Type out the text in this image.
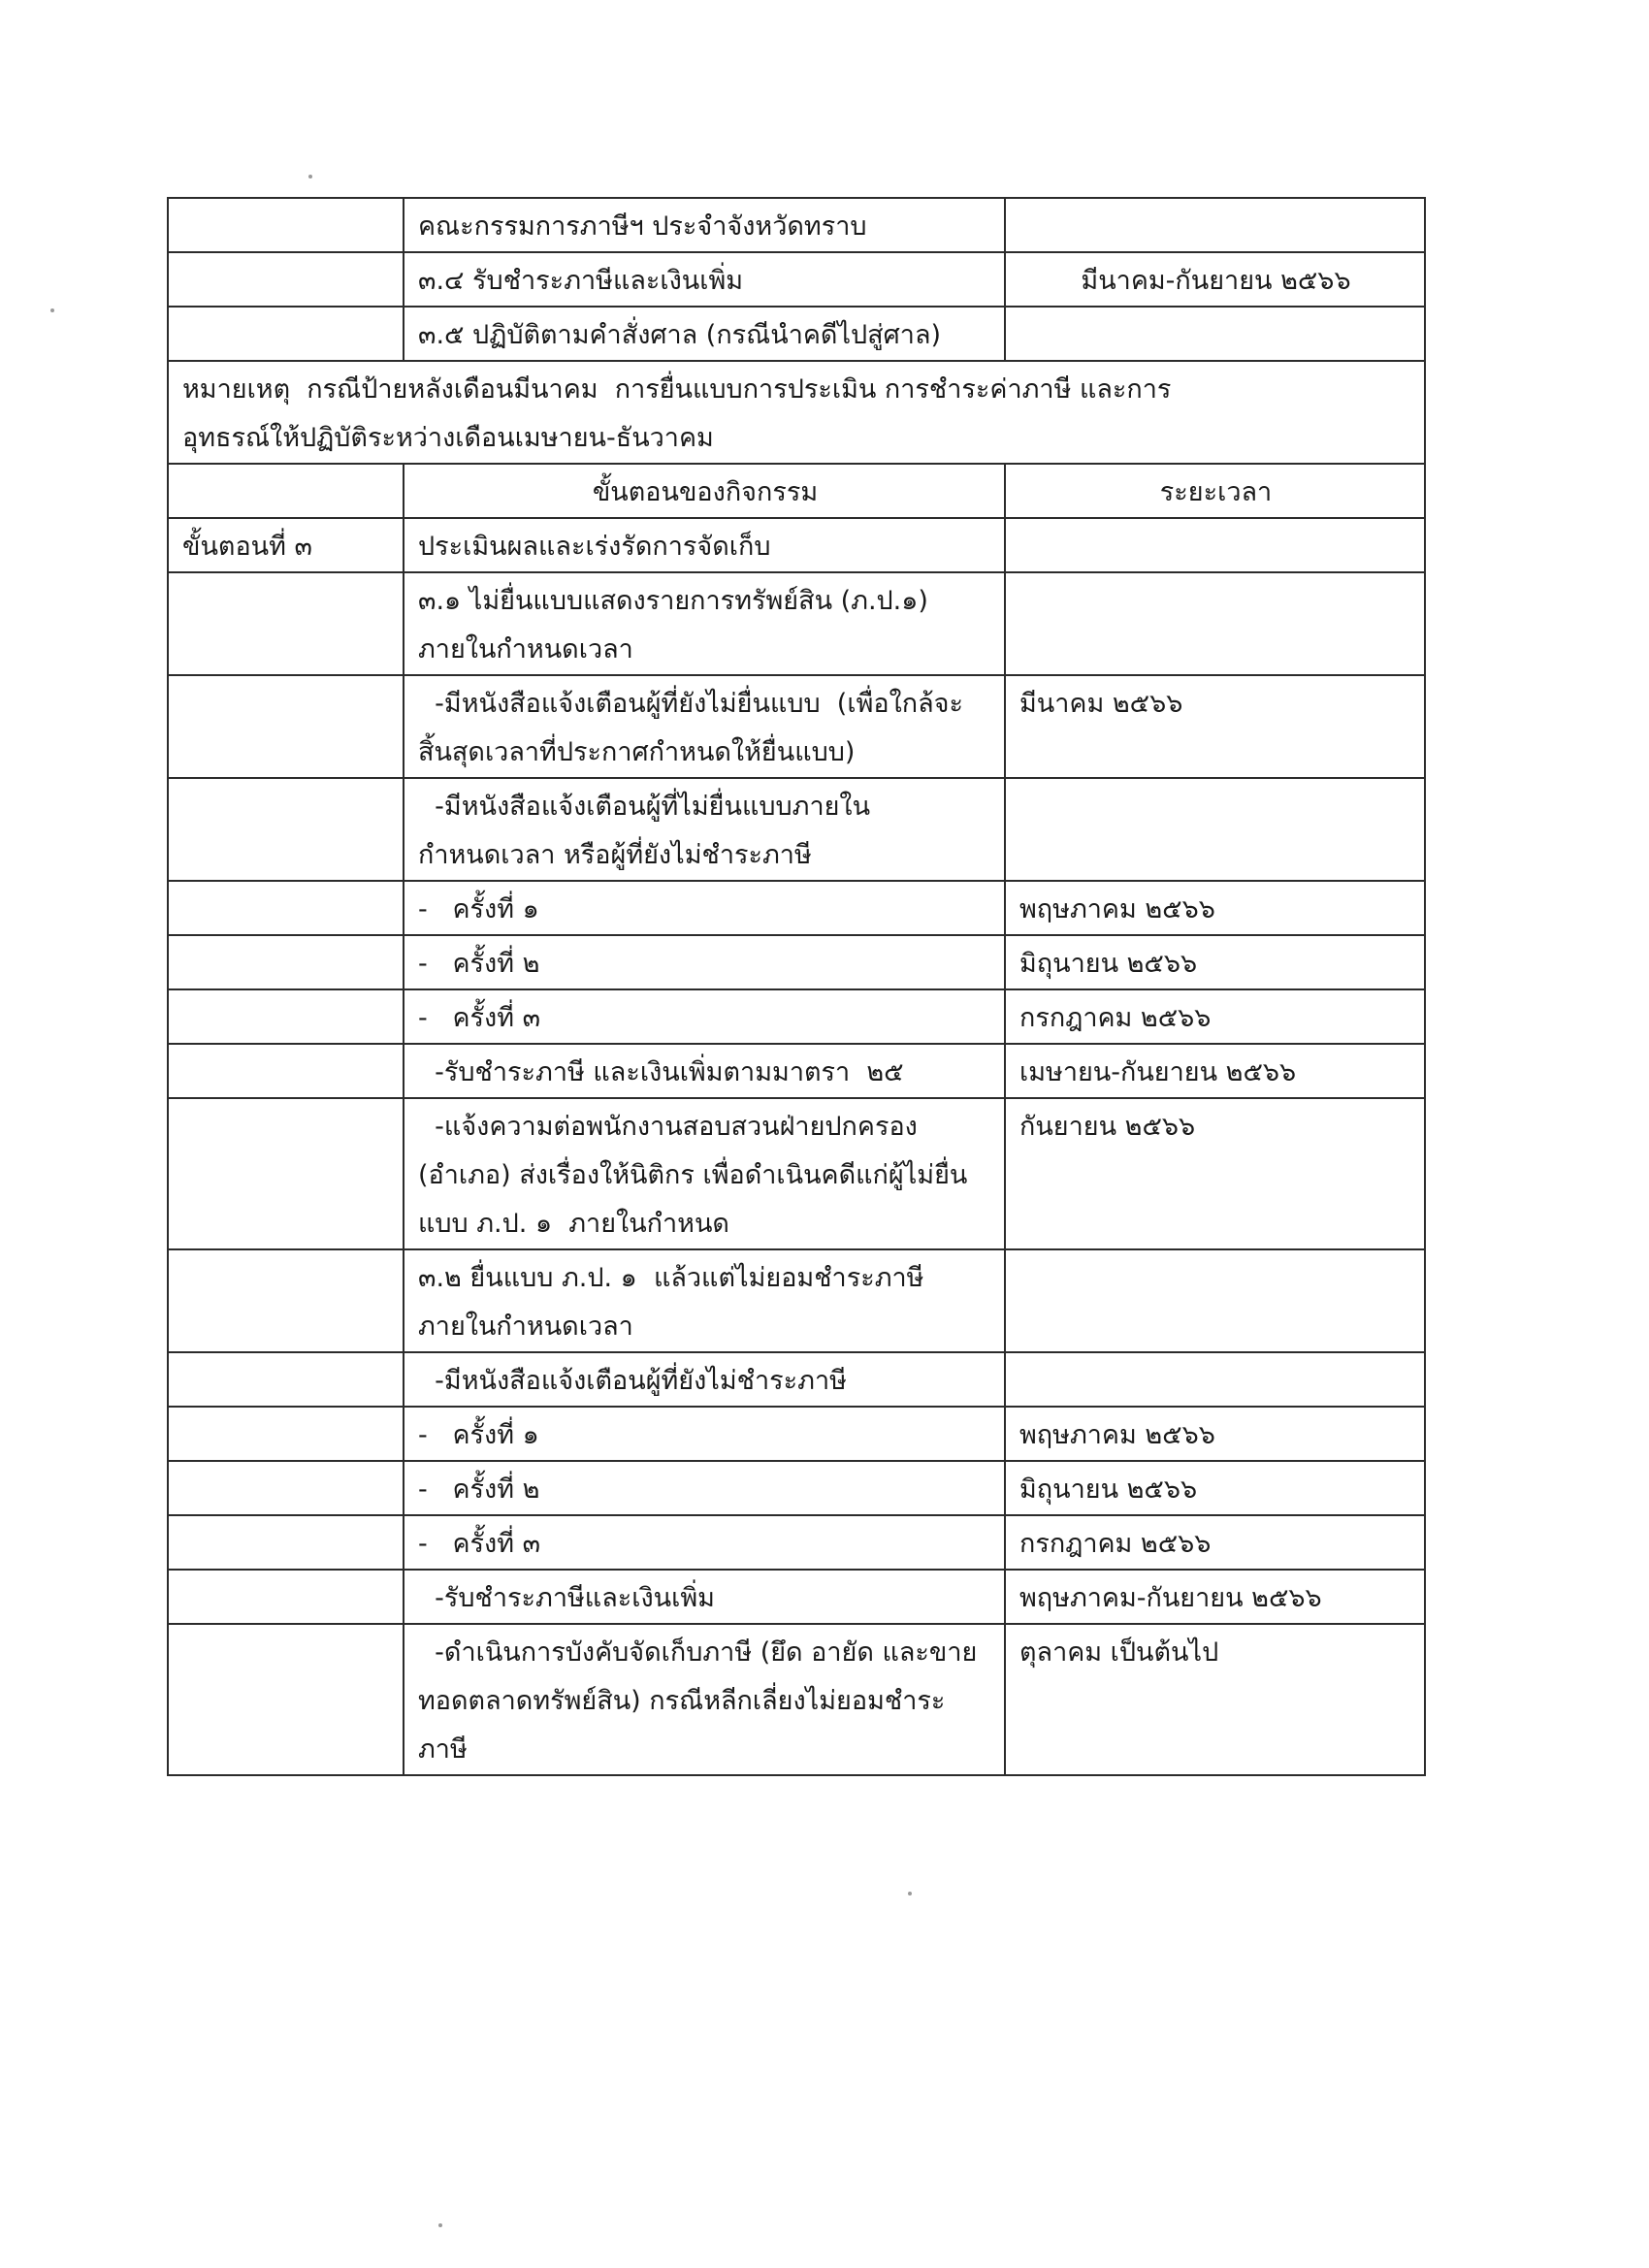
	คณะกรรมการภาษีฯ ประจำจังหวัดทราบ	
	๓.๔ รับชำระภาษีและเงินเพิ่ม	มีนาคม-กันยายน ๒๕๖๖
	๓.๕ ปฏิบัติตามคำสั่งศาล (กรณีนำคดีไปสู่ศาล)	
หมายเหตุ  กรณีป้ายหลังเดือนมีนาคม  การยื่นแบบการประเมิน การชำระค่าภาษี และการ
อุทธรณ์ให้ปฏิบัติระหว่างเดือนเมษายน-ธันวาคม		
	ขั้นตอนของกิจกรรม	ระยะเวลา
ขั้นตอนที่ ๓	ประเมินผลและเร่งรัดการจัดเก็บ	
	๓.๑ ไม่ยื่นแบบแสดงรายการทรัพย์สิน (ภ.ป.๑)
ภายในกำหนดเวลา	
	-มีหนังสือแจ้งเตือนผู้ที่ยังไม่ยื่นแบบ  (เพื่อใกล้จะ
สิ้นสุดเวลาที่ประกาศกำหนดให้ยื่นแบบ)	มีนาคม ๒๕๖๖
	-มีหนังสือแจ้งเตือนผู้ที่ไม่ยื่นแบบภายใน
กำหนดเวลา หรือผู้ที่ยังไม่ชำระภาษี	
	-   ครั้งที่ ๑	พฤษภาคม ๒๕๖๖
	-   ครั้งที่ ๒	มิถุนายน ๒๕๖๖
	-   ครั้งที่ ๓	กรกฎาคม ๒๕๖๖
	-รับชำระภาษี และเงินเพิ่มตามมาตรา  ๒๕	เมษายน-กันยายน ๒๕๖๖
	-แจ้งความต่อพนักงานสอบสวนฝ่ายปกครอง
(อำเภอ) ส่งเรื่องให้นิติกร เพื่อดำเนินคดีแก่ผู้ไม่ยื่น
แบบ ภ.ป. ๑  ภายในกำหนด	กันยายน ๒๕๖๖
	๓.๒ ยื่นแบบ ภ.ป. ๑  แล้วแต่ไม่ยอมชำระภาษี
ภายในกำหนดเวลา	
	-มีหนังสือแจ้งเตือนผู้ที่ยังไม่ชำระภาษี	
	-   ครั้งที่ ๑	พฤษภาคม ๒๕๖๖
	-   ครั้งที่ ๒	มิถุนายน ๒๕๖๖
	-   ครั้งที่ ๓	กรกฎาคม ๒๕๖๖
	-รับชำระภาษีและเงินเพิ่ม	พฤษภาคม-กันยายน ๒๕๖๖
	-ดำเนินการบังคับจัดเก็บภาษี (ยึด อายัด และขาย
ทอดตลาดทรัพย์สิน) กรณีหลีกเลี่ยงไม่ยอมชำระ
ภาษี	ตุลาคม เป็นต้นไป
